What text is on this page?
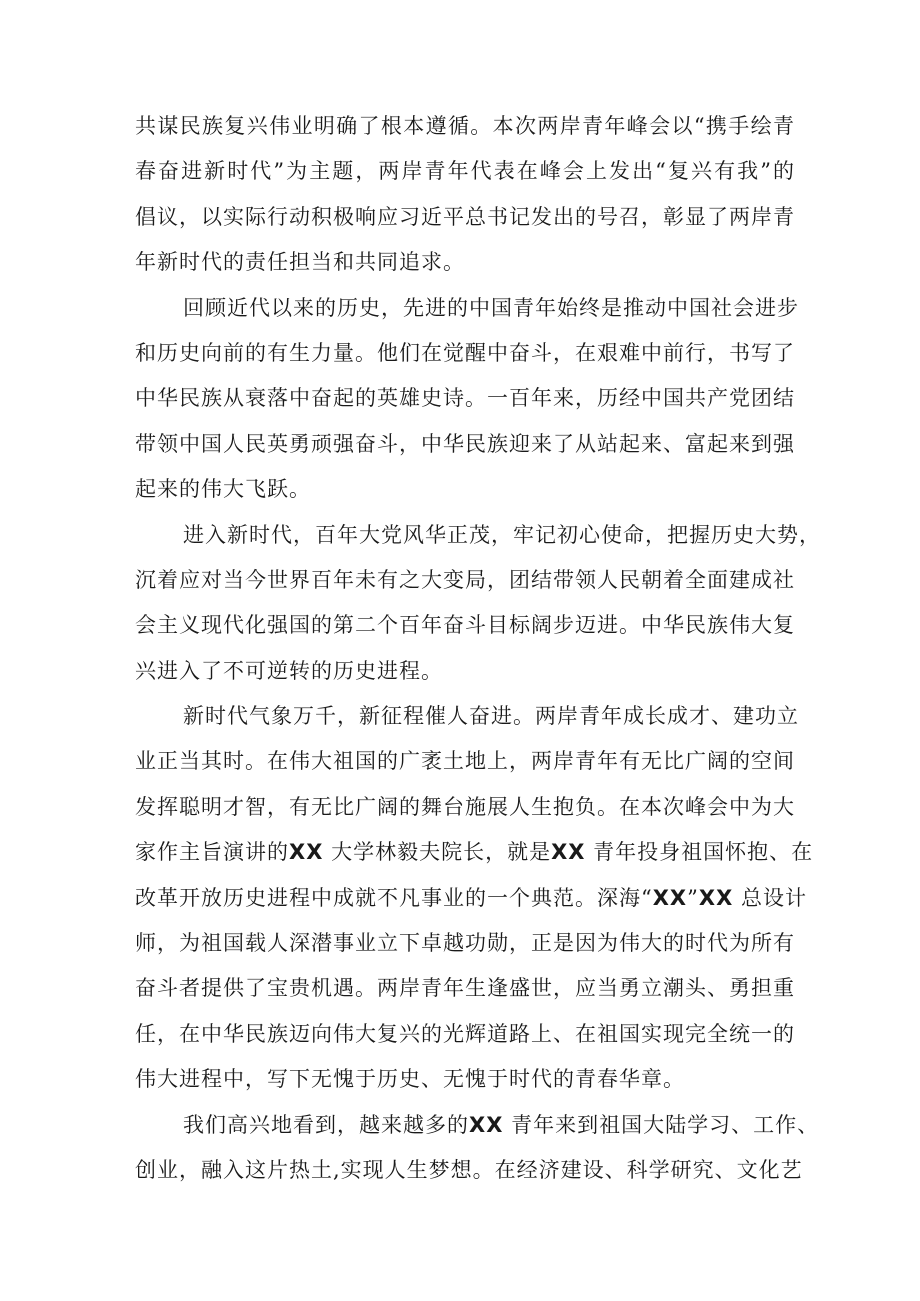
共谋民族复兴伟业明确了根本遵循。本次两岸青年峰会以“携手绘青
春奋进新时代”为主题，两岸青年代表在峰会上发出“复兴有我”的
倡议，以实际行动积极响应习近平总书记发出的号召，彰显了两岸青
年新时代的责任担当和共同追求。
回顾近代以来的历史，先进的中国青年始终是推动中国社会进步
和历史向前的有生力量。他们在觉醒中奋斗，在艰难中前行，书写了
中华民族从衰落中奋起的英雄史诗。一百年来，历经中国共产党团结
带领中国人民英勇顽强奋斗，中华民族迎来了从站起来、富起来到强
起来的伟大飞跃。
进入新时代，百年大党风华正茂，牢记初心使命，把握历史大势，
沉着应对当今世界百年未有之大变局，团结带领人民朝着全面建成社
会主义现代化强国的第二个百年奋斗目标阔步迈进。中华民族伟大复
兴进入了不可逆转的历史进程。
新时代气象万千，新征程催人奋进。两岸青年成长成才、建功立
业正当其时。在伟大祖国的广袤土地上，两岸青年有无比广阔的空间
发挥聪明才智，有无比广阔的舞台施展人生抱负。在本次峰会中为大
家作主旨演讲的XX 大学林毅夫院长，就是XX 青年投身祖国怀抱、在
改革开放历史进程中成就不凡事业的一个典范。深海“XX”XX 总设计
师，为祖国载人深潜事业立下卓越功勋，正是因为伟大的时代为所有
奋斗者提供了宝贵机遇。两岸青年生逢盛世，应当勇立潮头、勇担重
任，在中华民族迈向伟大复兴的光辉道路上、在祖国实现完全统一的
伟大进程中，写下无愧于历史、无愧于时代的青春华章。
我们高兴地看到，越来越多的XX 青年来到祖国大陆学习、工作、
创业，融入这片热土,实现人生梦想。在经济建设、科学研究、文化艺
